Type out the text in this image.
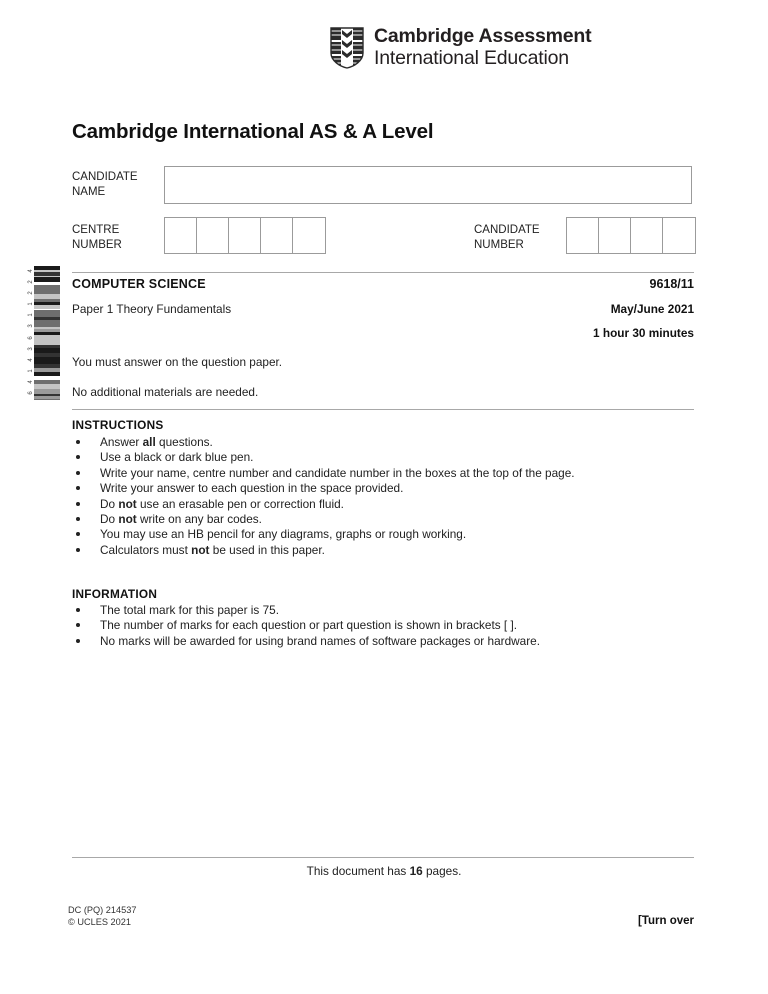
Cambridge Assessment
International Education
Cambridge International AS & A Level
CANDIDATE
NAME
CENTRE
NUMBER
CANDIDATE
NUMBER
4
2
2
1
1
3
6
3
4
1
4
6
COMPUTER SCIENCE	9618/11
Paper 1 Theory Fundamentals	May/June 2021
1 hour 30 minutes
You must answer on the question paper.
No additional materials are needed.
INSTRUCTIONS
Answer all questions.
Use a black or dark blue pen.
Write your name, centre number and candidate number in the boxes at the top of the page.
Write your answer to each question in the space provided.
Do not use an erasable pen or correction fluid.
Do not write on any bar codes.
You may use an HB pencil for any diagrams, graphs or rough working.
Calculators must not be used in this paper.
INFORMATION
The total mark for this paper is 75.
The number of marks for each question or part question is shown in brackets [ ].
No marks will be awarded for using brand names of software packages or hardware.
This document has 16 pages.
DC (PQ) 214537
© UCLES 2021	[Turn over
